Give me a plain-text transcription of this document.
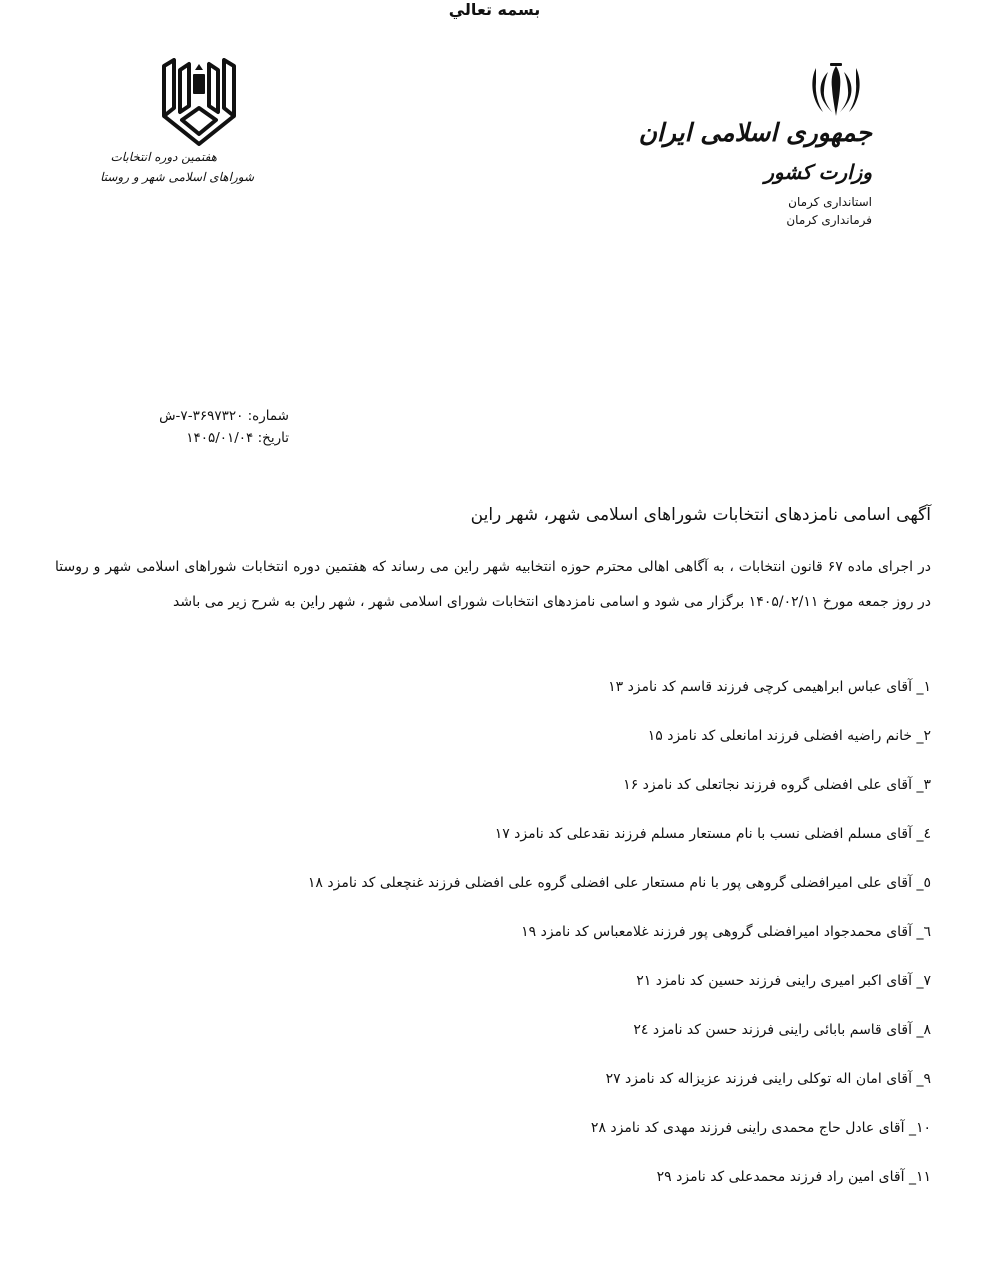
جمهوری اسلامی ایران
وزارت کشور
استانداری کرمان
فرمانداری کرمان
هفتمین دوره انتخابات
شوراهای اسلامی شهر و روستا
بسمه تعالي
شماره: ۳۶۹۷۳۲۰-۷-ش
تاریخ: ۱۴۰۵/۰۱/۰۴
آگهی اسامی نامزدهای انتخابات شوراهای اسلامی شهر، شهر راین
در اجرای ماده ۶۷ قانون انتخابات ، به آگاهی اهالی محترم حوزه انتخابیه شهر راین می رساند که هفتمین دوره انتخابات شوراهای اسلامی شهر و روستا در روز جمعه مورخ ۱۴۰۵/۰۲/۱۱ برگزار می شود و اسامی نامزدهای انتخابات شورای اسلامی شهر ، شهر راین به شرح زیر می باشد
۱_ آقای عباس ابراهیمی کرچی فرزند قاسم کد نامزد ۱۳
۲_ خانم راضیه افضلی فرزند امانعلی کد نامزد ۱۵
۳_ آقای علی افضلی گروه فرزند نجاتعلی کد نامزد ۱۶
٤_ آقای مسلم افضلی نسب با نام مستعار مسلم فرزند نقدعلی کد نامزد ۱۷
٥_ آقای علی امیرافضلی گروهی پور با نام مستعار علی افضلی گروه علی افضلی فرزند غنچعلی کد نامزد ۱۸
٦_ آقای محمدجواد امیرافضلی گروهی پور فرزند غلامعباس کد نامزد ۱۹
۷_ آقای اکبر امیری راینی فرزند حسین کد نامزد ۲۱
۸_ آقای قاسم بابائی راینی فرزند حسن کد نامزد ۲٤
۹_ آقای امان اله توکلی راینی فرزند عزیزاله کد نامزد ۲۷
۱۰_ آقای عادل حاج محمدی راینی فرزند مهدی کد نامزد ۲۸
۱۱_ آقای امین راد فرزند محمدعلی کد نامزد ۲۹
